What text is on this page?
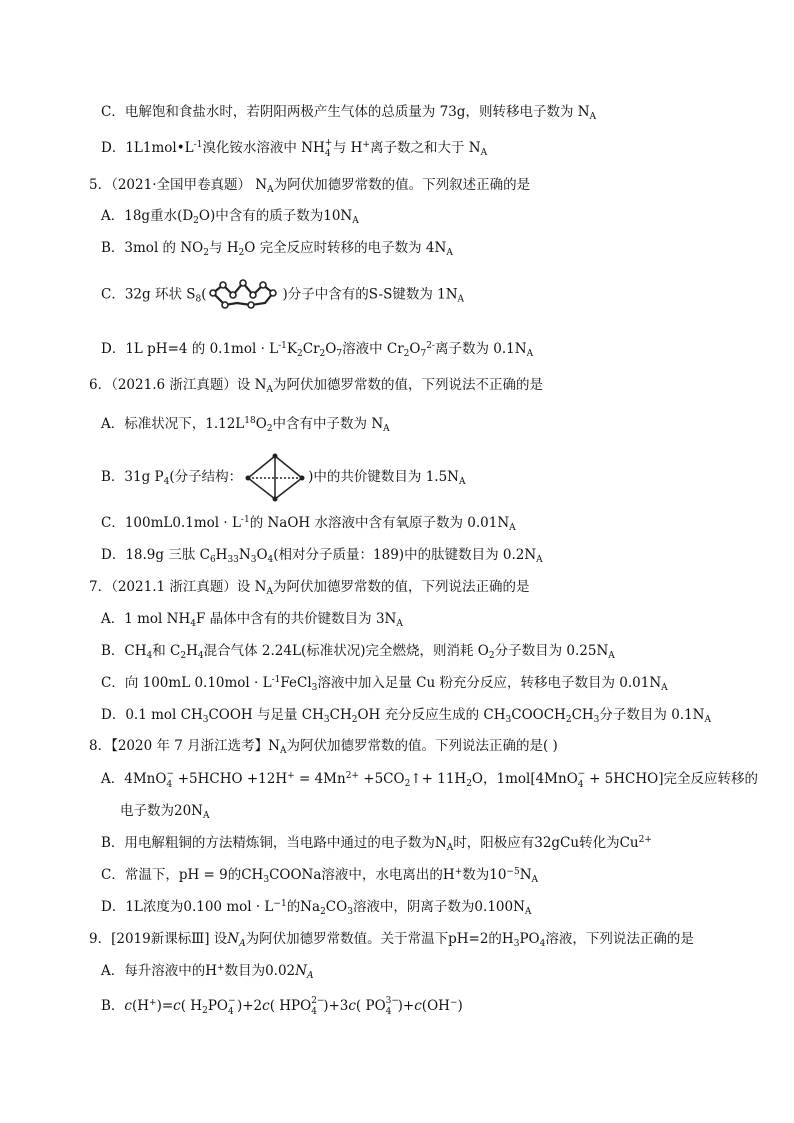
C．电解饱和食盐水时，若阴阳两极产生气体的总质量为 73g，则转移电子数为 $N_A$
D．$1L1mol•L^{-1}$溴化铵水溶液中 NH +
4 与 H+离子数之和大于 $N_A$
5．（2021·全国甲卷真题） $N_A$为阿伏加德罗常数的值。下列叙述正确的是
A．18g重水$(D_2O)$中含有的质子数为$10N_A$
B．3mol 的 $NO_2$与 $H_2O$ 完全反应时转移的电子数为 $4N_A$
C．32g 环状 $S_8$(	)分子中含有的S-S键数为 $1N_A$
D．1L pH=4 的 $0.1mol \cdot L^{-1}K_2Cr_2O_7$溶液中 $Cr_2O_7^{2-}$离子数为 $0.1N_A$
6．（2021.6 浙江真题）设 $N_A$为阿伏加德罗常数的值，下列说法不正确的是
A．标准状况下，$1.12L^{18}O_2$中含有中子数为 $N_A$
B．31g $P_4$(分子结构：	)中的共价键数目为 $1.5N_A$
C．$100mL0.1mol \cdot L^{-1}$的 NaOH 水溶液中含有氧原子数为 $0.01N_A$
D．18.9g 三肽 $C_6H_{33}N_3O_4$(相对分子质量：189)中的肽键数目为 $0.2N_A$
7．（2021.1 浙江真题）设 $N_A$为阿伏加德罗常数的值，下列说法正确的是
A．1 mol $NH_4F$ 晶体中含有的共价键数目为 $3N_A$
B．$CH_4$和 $C_2H_4$混合气体 2.24L(标准状况)完全燃烧，则消耗 $O_2$分子数目为 $0.25N_A$
C．向 100mL $0.10mol \cdot L^{-1}FeCl_3$溶液中加入足量 Cu 粉充分反应，转移电子数目为 $0.01N_A$
D．0.1 mol $CH_3COOH$ 与足量 $CH_3CH_2OH$ 充分反应生成的 $CH_3COOCH_2CH_3$分子数目为 $0.1N_A$
8．【2020 年 7 月浙江选考】$N_A$为阿伏加德罗常数的值。下列说法正确的是( )
A．4MnO −
4 +5HCHO $+12H^+ = 4Mn^{2+}$ $+5CO_2↑+ 11H_2O$，1mol[4MnO −
4 + 5HCHO]完全反应转移的
电子数为$20N_A$
B．用电解粗铜的方法精炼铜，当电路中通过的电子数为$N_A$时，阳极应有32gCu转化为$Cu^{2+}$
C．常温下，pH = 9的$CH_3COONa$溶液中，水电离出的H+数为$10^{-5}N_A$
D．1L浓度为0.100 mol · $L^{-1}$的$Na_2CO_3$溶液中，阴离子数为$0.100N_A$
9．[2019新课标Ⅲ] 设$N_A$为阿伏加德罗常数值。关于常温下pH=2的$H_3PO_4$溶液，下列说法正确的是
A．每升溶液中的H+数目为$0.02N_A$
B．c(H+)=c( $H_2PO$ −
4 )+2c( HPO 2−
4 )+3c( PO 3−
4 )+c(OH−)
